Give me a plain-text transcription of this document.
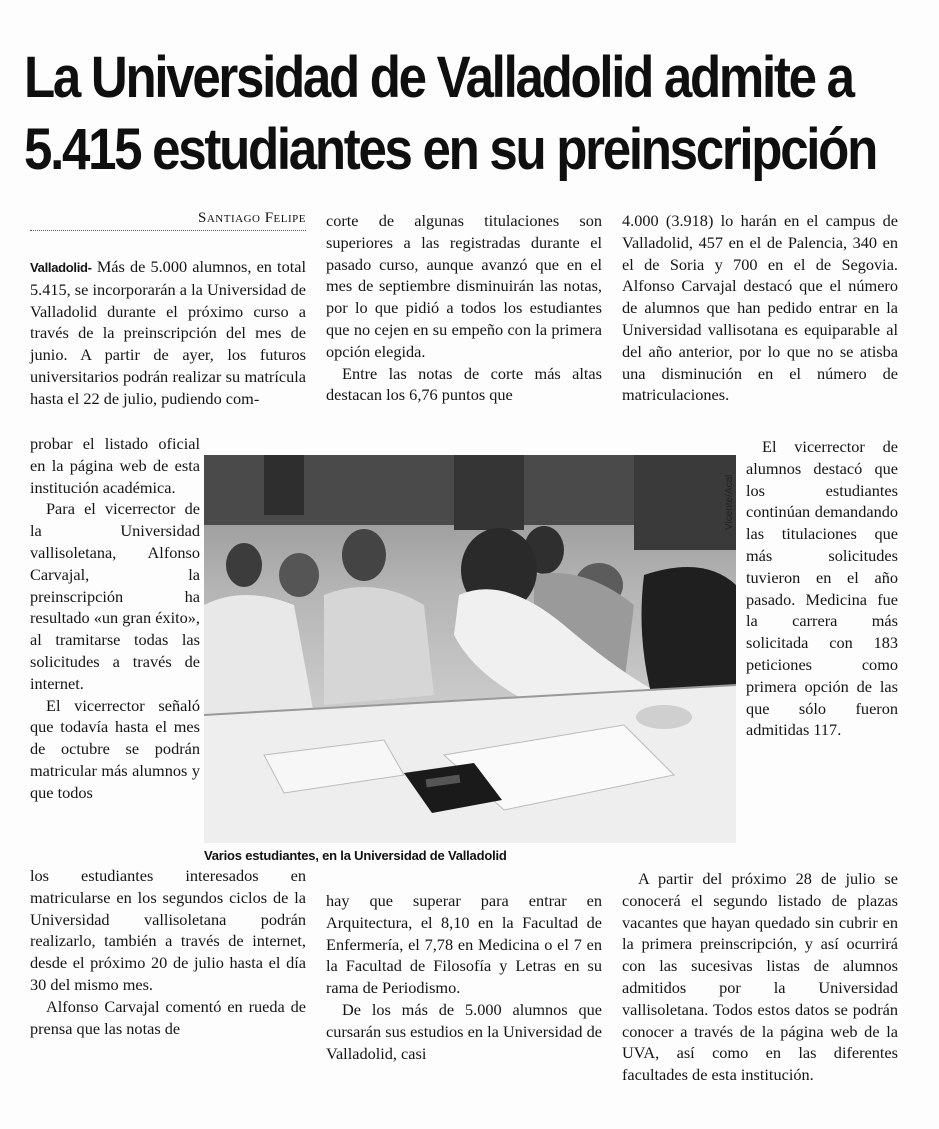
La Universidad de Valladolid admite a
5.415 estudiantes en su preinscripción
Santiago Felipe

Valladolid- Más de 5.000 alumnos, en total 5.415, se incorporarán a la Universidad de Valladolid durante el próximo curso a través de la preinscripción del mes de junio. A partir de ayer, los futuros universitarios podrán realizar su matrícula hasta el 22 de julio, pudiendo com-

probar el listado oficial en la página web de esta institución académica.

Para el vicerrector de la Universidad vallisoletana, Alfonso Carvajal, la preinscripción ha resultado «un gran éxito», al tramitarse todas las solicitudes a través de internet.

El vicerrector señaló que todavía hasta el mes de octubre se podrán matricular más alumnos y que todos

los estudiantes interesados en matricularse en los segundos ciclos de la Universidad vallisoletana podrán realizarlo, también a través de internet, desde el próximo 20 de julio hasta el día 30 del mismo mes.

Alfonso Carvajal comentó en rueda de prensa que las notas de

corte de algunas titulaciones son superiores a las registradas durante el pasado curso, aunque avanzó que en el mes de septiembre disminuirán las notas, por lo que pidió a todos los estudiantes que no cejen en su empeño con la primera opción elegida.

Entre las notas de corte más altas destacan los 6,76 puntos que

hay que superar para entrar en Arquitectura, el 8,10 en la Facultad de Enfermería, el 7,78 en Medicina o el 7 en la Facultad de Filosofía y Letras en su rama de Periodismo.

De los más de 5.000 alumnos que cursarán sus estudios en la Universidad de Valladolid, casi

4.000 (3.918) lo harán en el campus de Valladolid, 457 en el de Palencia, 340 en el de Soria y 700 en el de Segovia. Alfonso Carvajal destacó que el número de alumnos que han pedido entrar en la Universidad vallisotana es equiparable al del año anterior, por lo que no se atisba una disminución en el número de matriculaciones.

El vicerrector de alumnos destacó que los estudiantes continúan demandando las titulaciones que más solicitudes tuvieron en el año pasado. Medicina fue la carrera más solicitada con 183 peticiones como primera opción de las que sólo fueron admitidas 117.

A partir del próximo 28 de julio se conocerá el segundo listado de plazas vacantes que hayan quedado sin cubrir en la primera preinscripción, y así ocurrirá con las sucesivas listas de alumnos admitidos por la Universidad vallisoletana. Todos estos datos se podrán conocer a través de la página web de la UVA, así como en las diferentes facultades de esta institución.

Vicente/Acal
Varios estudiantes, en la Universidad de Valladolid
